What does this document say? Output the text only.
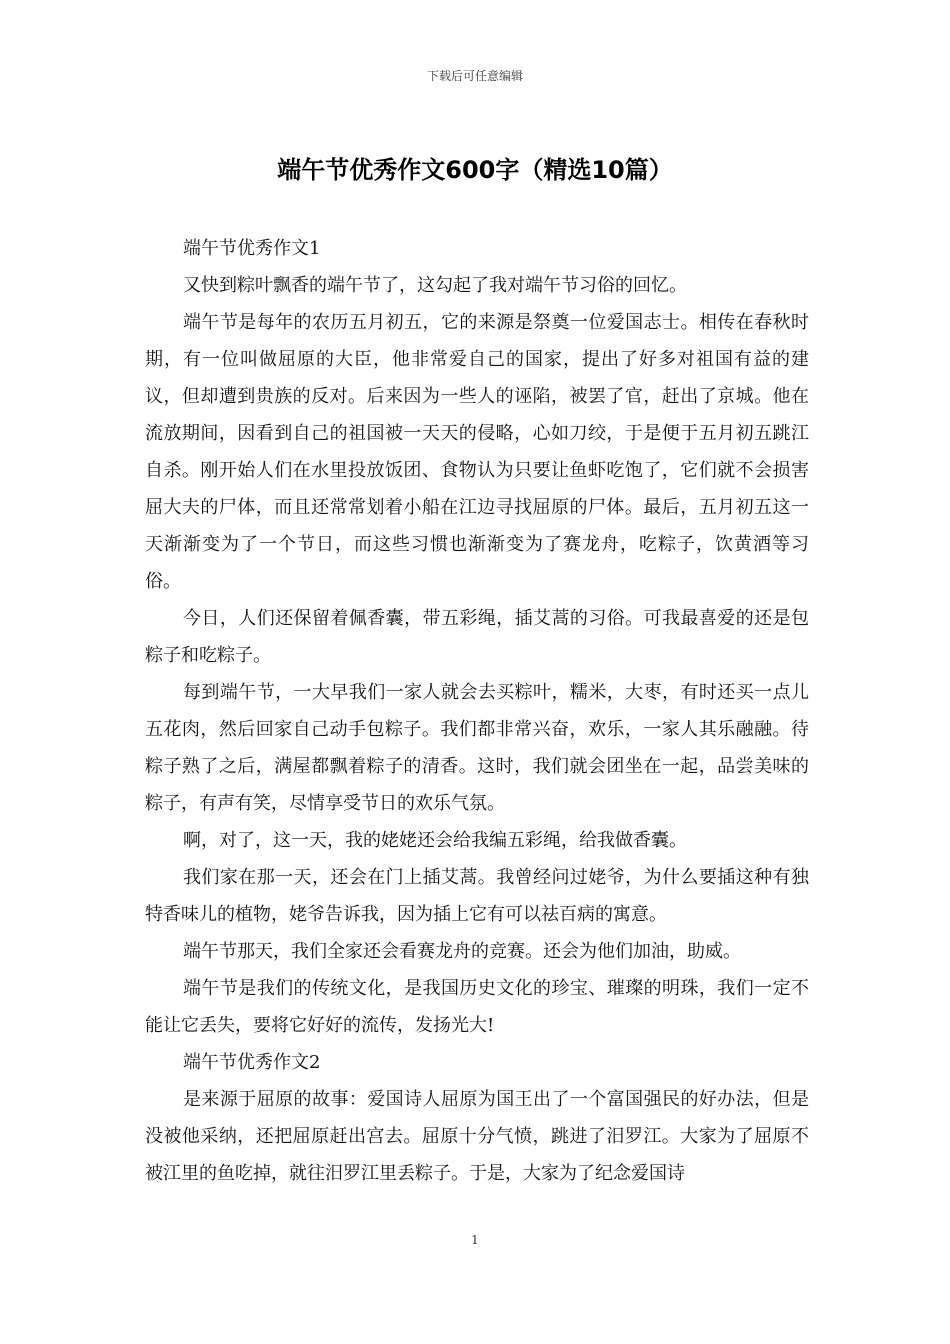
下载后可任意编辑
端午节优秀作文600字（精选10篇）

端午节优秀作文1

又快到粽叶飘香的端午节了，这勾起了我对端午节习俗的回忆。

端午节是每年的农历五月初五，它的来源是祭奠一位爱国志士。相传在春秋时期，有一位叫做屈原的大臣，他非常爱自己的国家，提出了好多对祖国有益的建议，但却遭到贵族的反对。后来因为一些人的诬陷，被罢了官，赶出了京城。他在流放期间，因看到自己的祖国被一天天的侵略，心如刀绞，于是便于五月初五跳江自杀。刚开始人们在水里投放饭团、食物认为只要让鱼虾吃饱了，它们就不会损害屈大夫的尸体，而且还常常划着小船在江边寻找屈原的尸体。最后，五月初五这一天渐渐变为了一个节日，而这些习惯也渐渐变为了赛龙舟，吃粽子，饮黄酒等习俗。

今日，人们还保留着佩香囊，带五彩绳，插艾蒿的习俗。可我最喜爱的还是包粽子和吃粽子。

每到端午节，一大早我们一家人就会去买粽叶，糯米，大枣，有时还买一点儿五花肉，然后回家自己动手包粽子。我们都非常兴奋，欢乐，一家人其乐融融。待粽子熟了之后，满屋都飘着粽子的清香。这时，我们就会团坐在一起，品尝美味的粽子，有声有笑，尽情享受节日的欢乐气氛。

啊，对了，这一天，我的姥姥还会给我编五彩绳，给我做香囊。

我们家在那一天，还会在门上插艾蒿。我曾经问过姥爷，为什么要插这种有独特香味儿的植物，姥爷告诉我，因为插上它有可以祛百病的寓意。

端午节那天，我们全家还会看赛龙舟的竞赛。还会为他们加油，助威。

端午节是我们的传统文化，是我国历史文化的珍宝、璀璨的明珠，我们一定不能让它丢失，要将它好好的流传，发扬光大!

端午节优秀作文2

是来源于屈原的故事：爱国诗人屈原为国王出了一个富国强民的好办法，但是没被他采纳，还把屈原赶出宫去。屈原十分气愤，跳进了汨罗江。大家为了屈原不被江里的鱼吃掉，就往汨罗江里丢粽子。于是，大家为了纪念爱国诗

1
